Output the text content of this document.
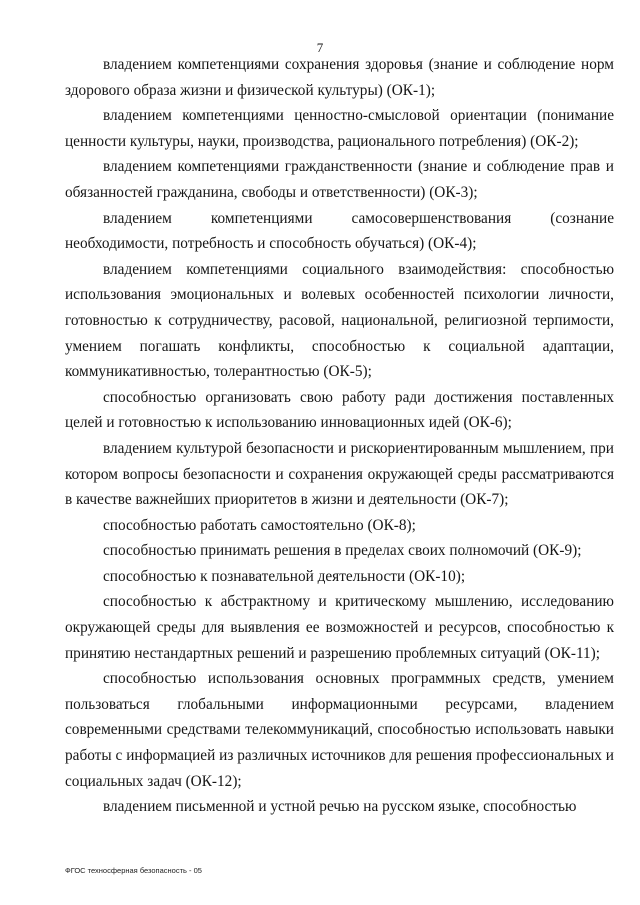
7

владением компетенциями сохранения здоровья (знание и соблюдение норм здорового образа жизни и физической культуры) (ОК-1);

владением компетенциями ценностно-смысловой ориентации (понимание ценности культуры, науки, производства, рационального потребления) (ОК-2);

владением компетенциями гражданственности (знание и соблюдение прав и обязанностей гражданина, свободы и ответственности) (ОК-3);

владением компетенциями самосовершенствования (сознание необходимости, потребность и способность обучаться) (ОК-4);

владением компетенциями социального взаимодействия: способностью использования эмоциональных и волевых особенностей психологии личности, готовностью к сотрудничеству, расовой, национальной, религиозной терпимости, умением погашать конфликты, способностью к социальной адаптации, коммуникативностью, толерантностью (ОК-5);

способностью организовать свою работу ради достижения поставленных целей и готовностью к использованию инновационных идей (ОК-6);

владением культурой безопасности и рискориентированным мышлением, при котором вопросы безопасности и сохранения окружающей среды рассматриваются в качестве важнейших приоритетов в жизни и деятельности (ОК-7);

способностью работать самостоятельно (ОК-8);

способностью принимать решения в пределах своих полномочий (ОК-9);

способностью к познавательной деятельности (ОК-10);

способностью к абстрактному и критическому мышлению, исследованию окружающей среды для выявления ее возможностей и ресурсов, способностью к принятию нестандартных решений и разрешению проблемных ситуаций (ОК-11);

способностью использования основных программных средств, умением пользоваться глобальными информационными ресурсами, владением современными средствами телекоммуникаций, способностью использовать навыки работы с информацией из различных источников для решения профессиональных и социальных задач (ОК-12);

владением письменной и устной речью на русском языке, способностью

ФГОС техносферная безопасность - 05
